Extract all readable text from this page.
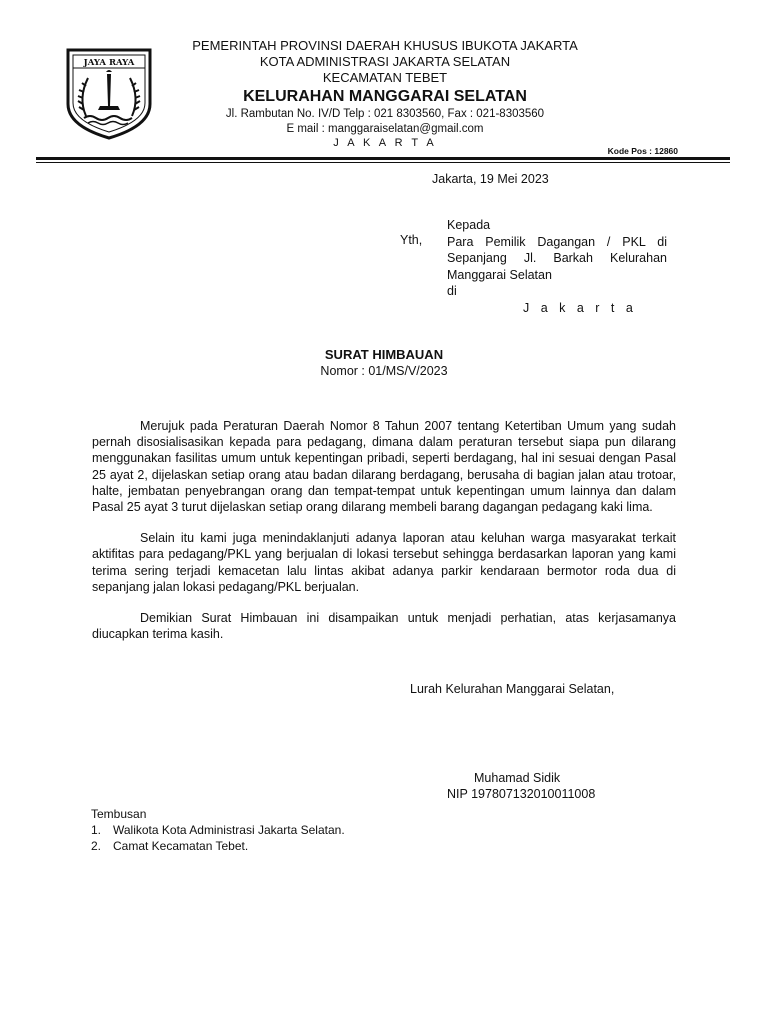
JAYA RAYA
PEMERINTAH PROVINSI DAERAH KHUSUS IBUKOTA JAKARTA
KOTA ADMINISTRASI JAKARTA SELATAN
KECAMATAN TEBET
KELURAHAN MANGGARAI SELATAN
Jl. Rambutan No. IV/D Telp : 021 8303560, Fax : 021-8303560
E mail : manggaraiselatan@gmail.com
J A K A R T A
Kode Pos : 12860
Jakarta, 19 Mei 2023
Yth,
Kepada
Para Pemilik Dagangan / PKL di
Sepanjang Jl. Barkah Kelurahan
Manggarai Selatan
di
J a k a r t a
SURAT HIMBAUAN
Nomor : 01/MS/V/2023

Merujuk pada Peraturan Daerah Nomor 8 Tahun 2007 tentang Ketertiban Umum yang sudah pernah disosialisasikan kepada para pedagang, dimana dalam peraturan tersebut siapa pun dilarang menggunakan fasilitas umum untuk kepentingan pribadi, seperti berdagang, hal ini sesuai dengan Pasal 25 ayat 2, dijelaskan setiap orang atau badan dilarang berdagang, berusaha di bagian jalan atau trotoar, halte, jembatan penyebrangan orang dan tempat-tempat untuk kepentingan umum lainnya dan dalam Pasal 25 ayat 3 turut dijelaskan setiap orang dilarang membeli barang dagangan pedagang kaki lima.

Selain itu kami juga menindaklanjuti adanya laporan atau keluhan warga masyarakat terkait aktifitas para pedagang/PKL yang berjualan di lokasi tersebut sehingga berdasarkan laporan yang kami terima sering terjadi kemacetan lalu lintas akibat adanya parkir kendaraan bermotor roda dua di sepanjang jalan lokasi pedagang/PKL berjualan.

Demikian Surat Himbauan ini disampaikan untuk menjadi perhatian, atas kerjasamanya diucapkan terima kasih.

Lurah Kelurahan Manggarai Selatan,
Muhamad Sidik
NIP 197807132010011008
Tembusan
1. Walikota Kota Administrasi Jakarta Selatan.
2. Camat Kecamatan Tebet.
